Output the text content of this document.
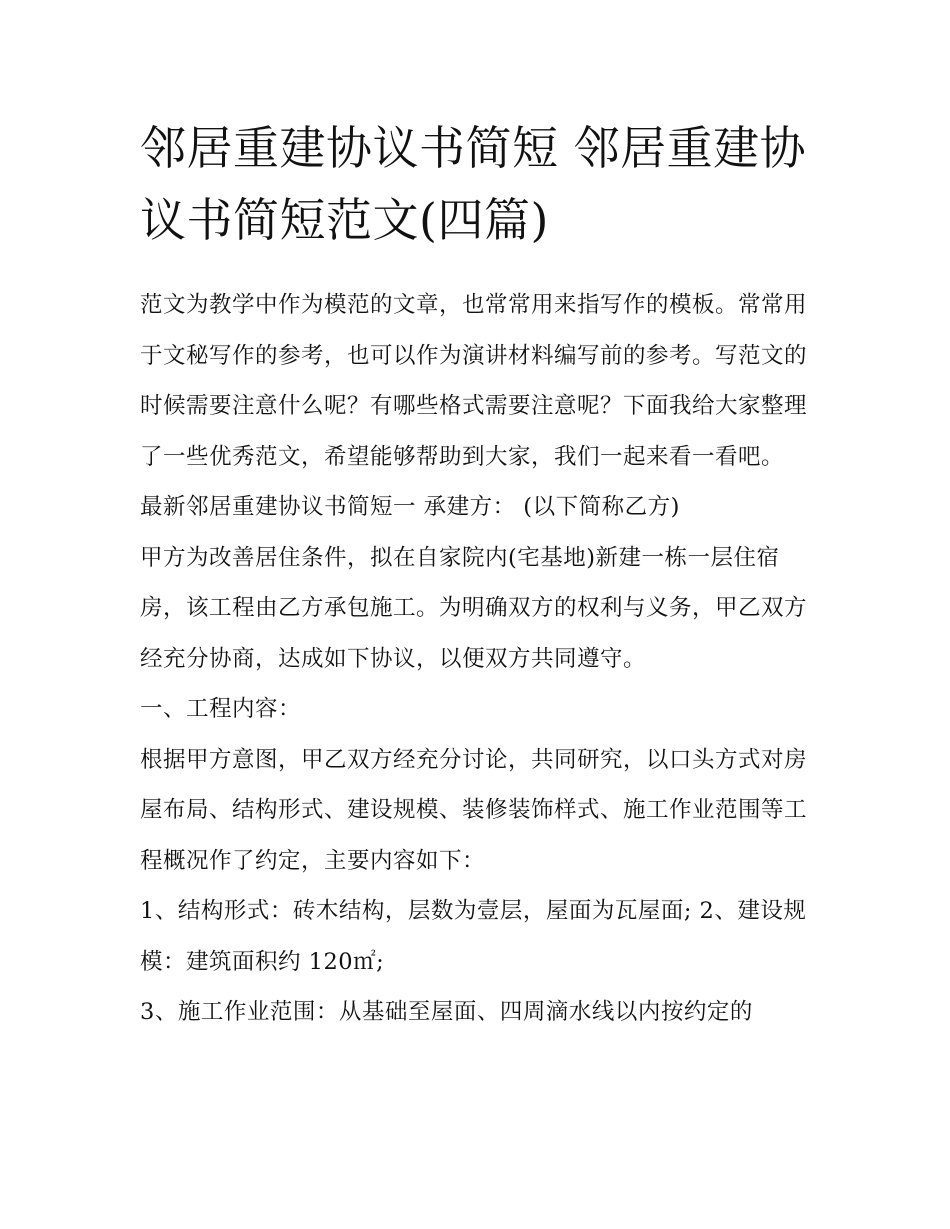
邻居重建协议书简短 邻居重建协议书简短范文(四篇)

范文为教学中作为模范的文章，也常常用来指写作的模板。常常用于文秘写作的参考，也可以作为演讲材料编写前的参考。写范文的时候需要注意什么呢？有哪些格式需要注意呢？下面我给大家整理了一些优秀范文，希望能够帮助到大家，我们一起来看一看吧。

最新邻居重建协议书简短一 承建方： (以下简称乙方)

甲方为改善居住条件，拟在自家院内(宅基地)新建一栋一层住宿房，该工程由乙方承包施工。为明确双方的权利与义务，甲乙双方经充分协商，达成如下协议，以便双方共同遵守。

一、工程内容：

根据甲方意图，甲乙双方经充分讨论，共同研究，以口头方式对房屋布局、结构形式、建设规模、装修装饰样式、施工作业范围等工程概况作了约定，主要内容如下：

1、结构形式：砖木结构，层数为壹层，屋面为瓦屋面; 2、建设规模：建筑面积约 120㎡;

3、施工作业范围：从基础至屋面、四周滴水线以内按约定的
